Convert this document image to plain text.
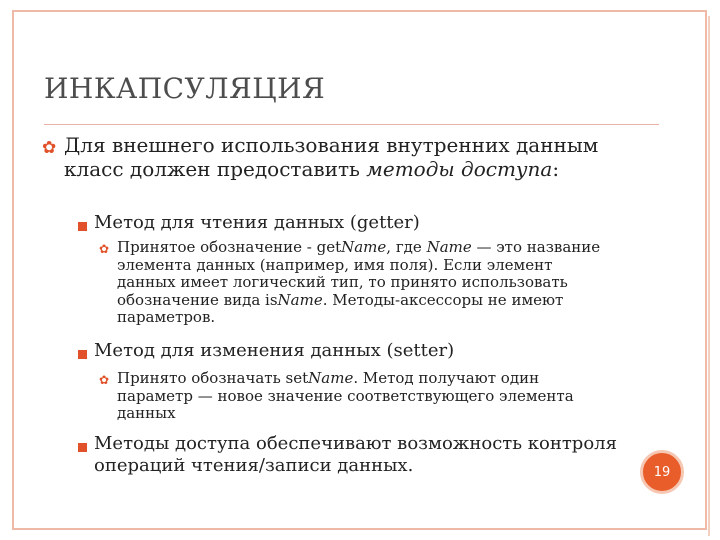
ИНКАПСУЛЯЦИЯ
✿ Для внешнего использования внутренних данным класс должен предоставить методы доступа:
Метод для чтения данных (getter)
✿ Принятое обозначение - getName, где Name — это название элемента данных (например, имя поля). Если элемент данных имеет логический тип, то принято использовать обозначение вида isName. Методы-аксессоры не имеют параметров.
Метод для изменения данных (setter)
✿ Принято обозначать setName. Метод получают один параметр — новое значение соответствующего элемента данных
Методы доступа обеспечивают возможность контроля операций чтения/записи данных.	19
